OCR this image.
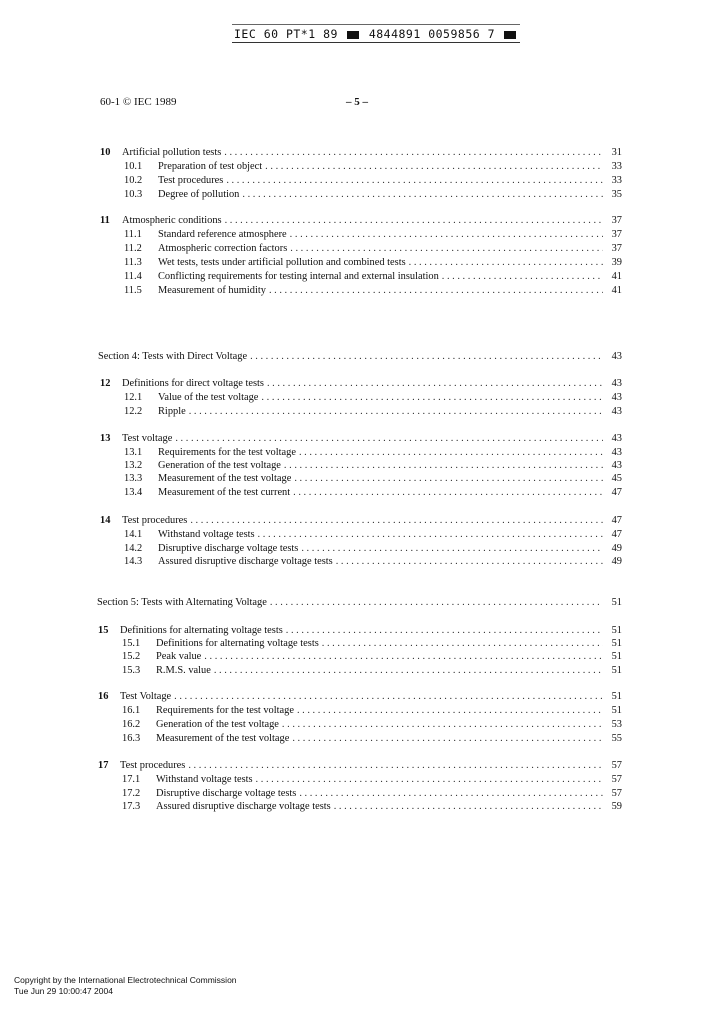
IEC 60 PT*1 89	4844891 0059856 7
60-1 © IEC 1989	– 5 –
10	Artificial pollution tests . . .	31
10.1	Preparation of test object . . .	33
10.2	Test procedures . . .	33
10.3	Degree of pollution . . .	35
11	Atmospheric conditions . . .	37
11.1	Standard reference atmosphere . . .	37
11.2	Atmospheric correction factors . . .	37
11.3	Wet tests, tests under artificial pollution and combined tests . . .	39
11.4	Conflicting requirements for testing internal and external insulation . . .	41
11.5	Measurement of humidity . . .	41
Section 4: Tests with Direct Voltage . . .	43
12	Definitions for direct voltage tests . . .	43
12.1	Value of the test voltage . . .	43
12.2	Ripple . . .	43
13	Test voltage . . .	43
13.1	Requirements for the test voltage . . .	43
13.2	Generation of the test voltage . . .	43
13.3	Measurement of the test voltage . . .	45
13.4	Measurement of the test current . . .	47
14	Test procedures . . .	47
14.1	Withstand voltage tests . . .	47
14.2	Disruptive discharge voltage tests . . .	49
14.3	Assured disruptive discharge voltage tests . . .	49
Section 5: Tests with Alternating Voltage . . .	51
15	Definitions for alternating voltage tests . . .	51
15.1	Definitions for alternating voltage tests . . .	51
15.2	Peak value . . .	51
15.3	R.M.S. value . . .	51
16	Test Voltage . . .	51
16.1	Requirements for the test voltage . . .	51
16.2	Generation of the test voltage . . .	53
16.3	Measurement of the test voltage . . .	55
17	Test procedures . . .	57
17.1	Withstand voltage tests . . .	57
17.2	Disruptive discharge voltage tests . . .	57
17.3	Assured disruptive discharge voltage tests . . .	59
Copyright by the International Electrotechnical Commission
Tue Jun 29 10:00:47 2004
